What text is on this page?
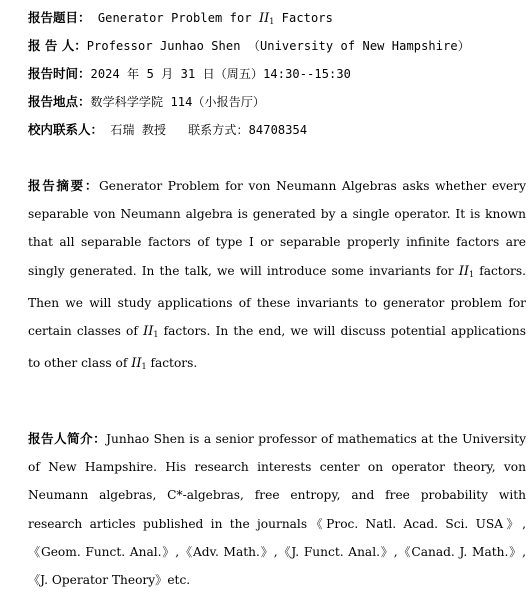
报告题目： Generator Problem for $II_1$ Factors
报 告 人：Professor Junhao Shen （University of New Hampshire）
报告时间：2024 年 5 月 31 日（周五）14:30--15:30
报告地点：数学科学学院 114（小报告厅）
校内联系人： 石瑞 教授 联系方式：84708354
报告摘要：Generator Problem for von Neumann Algebras asks whether every separable von Neumann algebra is generated by a single operator. It is known that all separable factors of type I or separable properly infinite factors are singly generated. In the talk, we will introduce some invariants for $II_1$ factors. Then we will study applications of these invariants to generator problem for certain classes of $II_1$ factors. In the end, we will discuss potential applications to other class of $II_1$ factors.
报告人简介：Junhao Shen is a senior professor of mathematics at the University of New Hampshire. His research interests center on operator theory, von Neumann algebras, C*-algebras, free entropy, and free probability with research articles published in the journals《Proc. Natl. Acad. Sci. USA》,《Geom. Funct. Anal.》,《Adv. Math.》,《J. Funct. Anal.》,《Canad. J. Math.》,《J. Operator Theory》etc.
